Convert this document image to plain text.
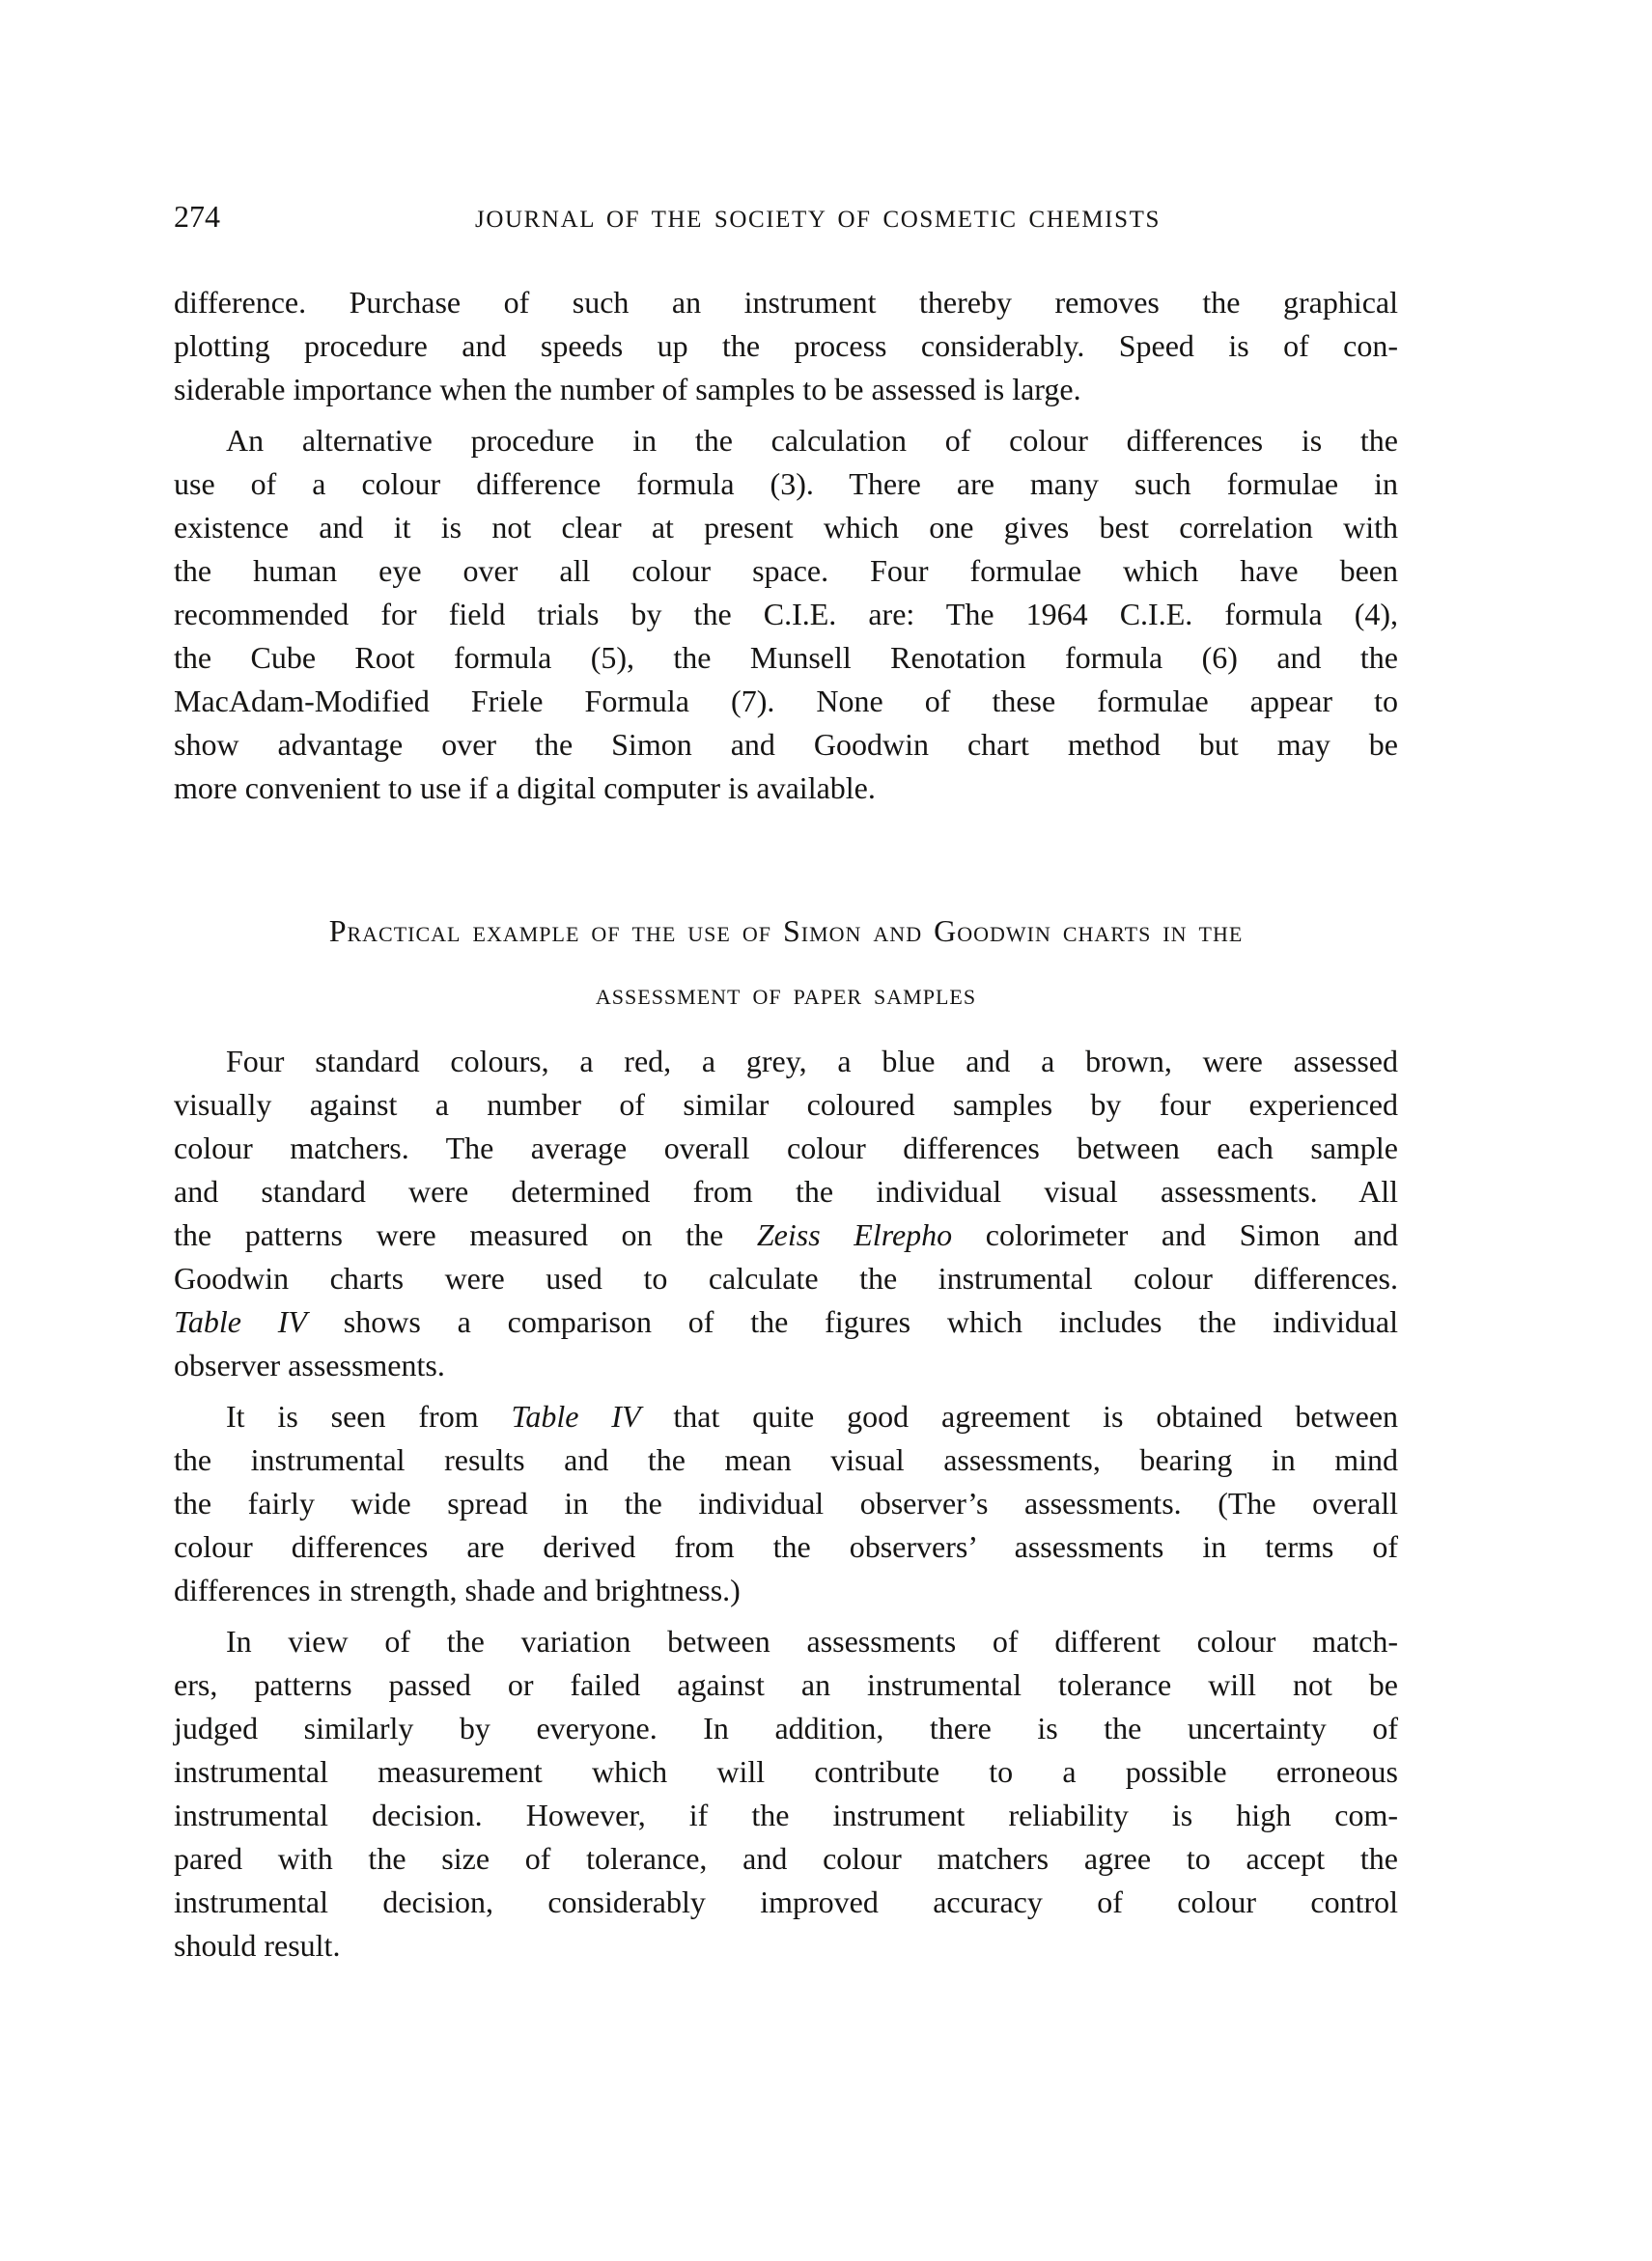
274	JOURNAL OF THE SOCIETY OF COSMETIC CHEMISTS
difference. Purchase of such an instrument thereby removes the graphical
plotting procedure and speeds up the process considerably. Speed is of con-
siderable importance when the number of samples to be assessed is large.
An alternative procedure in the calculation of colour differences is the
use of a colour difference formula (3). There are many such formulae in
existence and it is not clear at present which one gives best correlation with
the human eye over all colour space. Four formulae which have been
recommended for field trials by the C.I.E. are: The 1964 C.I.E. formula (4),
the Cube Root formula (5), the Munsell Renotation formula (6) and the
MacAdam-Modified Friele Formula (7). None of these formulae appear to
show advantage over the Simon and Goodwin chart method but may be
more convenient to use if a digital computer is available.
Practical example of the use of Simon and Goodwin charts in the
assessment of paper samples
Four standard colours, a red, a grey, a blue and a brown, were assessed
visually against a number of similar coloured samples by four experienced
colour matchers. The average overall colour differences between each sample
and standard were determined from the individual visual assessments. All
the patterns were measured on the Zeiss Elrepho colorimeter and Simon and
Goodwin charts were used to calculate the instrumental colour differences.
Table IV shows a comparison of the figures which includes the individual
observer assessments.
It is seen from Table IV that quite good agreement is obtained between
the instrumental results and the mean visual assessments, bearing in mind
the fairly wide spread in the individual observer’s assessments. (The overall
colour differences are derived from the observers’ assessments in terms of
differences in strength, shade and brightness.)
In view of the variation between assessments of different colour match-
ers, patterns passed or failed against an instrumental tolerance will not be
judged similarly by everyone. In addition, there is the uncertainty of
instrumental measurement which will contribute to a possible erroneous
instrumental decision. However, if the instrument reliability is high com-
pared with the size of tolerance, and colour matchers agree to accept the
instrumental decision, considerably improved accuracy of colour control
should result.
